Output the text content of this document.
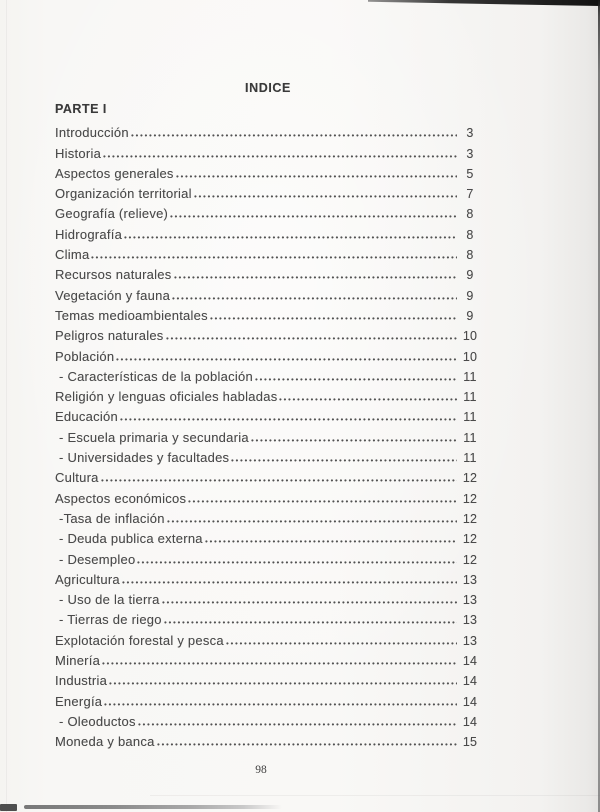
INDICE
PARTE I
Introducción	3
Historia	3
Aspectos generales	5
Organización territorial	7
Geografía (relieve)	8
Hidrografía	8
Clima	8
Recursos naturales	9
Vegetación y fauna	9
Temas medioambientales	9
Peligros naturales	10
Población	10
- Características de la población	11
Religión y lenguas oficiales habladas	11
Educación	11
- Escuela primaria y secundaria	11
- Universidades y facultades	11
Cultura	12
Aspectos económicos	12
-Tasa de inflación	12
- Deuda publica externa	12
- Desempleo	12
Agricultura	13
- Uso de la tierra	13
- Tierras de riego	13
Explotación forestal y pesca	13
Minería	14
Industria	14
Energía	14
- Oleoductos	14
Moneda y banca	15
98
